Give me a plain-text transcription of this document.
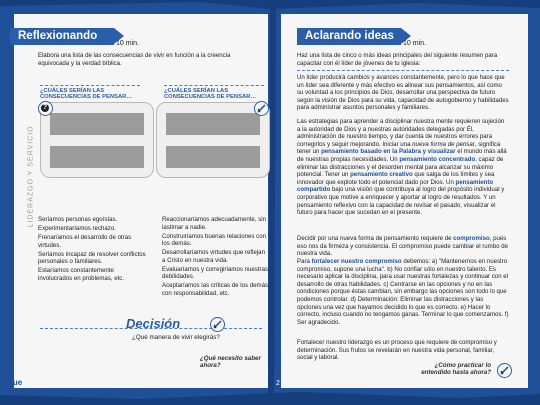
Reflexionando
10 min.

Elabora una lista de las consecuencias de vivir en función a la creencia equivocada y la verdad bíblica.

¿CUÁLES SERÍAN LAS CONSECUENCIAS DE PENSAR…
¿CUÁLES SERÍAN LAS CONSECUENCIAS DE PENSAR…
?
LIDERAZGO Y SERVICIO Seríamos personas egoístas.
Experimentaríamos rechazo.
Frenaríamos el desarrollo de otras virtudes.
Seríamos incapaz de resolver conflictos personales o familiares.
Estaríamos constantemente involucrados en problemas, etc.
Reaccionaríamos adecuadamente, sin lastimar a nadie.
Construiríamos buenas relaciones con los demás.
Desarrollaríamos virtudes que reflejan a Cristo en nuestra vida.
Evaluaríamos y corregiríamos nuestras debilidades.
Aceptaríamos las críticas de los demás con responsabilidad, etc.
Decisión
¿Qué manera de vivir elegirás?
¿Qué necesito saber ahora?
pue	1
Aclarando ideas
10 min.

Haz una lista de cinco o más ideas principales del siguiente resumen para capacitar con él líder de jóvenes de tu iglesia:

Un líder producirá cambios y avances constantemente, pero lo que hace que un líder sea diferente y más efectivo es alinear sus pensamientos, así como su voluntad a los principios de Dios, desarrollar una perspectiva de futuro según la visión de Dios para su vida, capacidad de autogobierno y habilidades para administrar asuntos personales y familiares.

Las estrategias para aprender a disciplinar nuestra mente requieren sujeción a la autoridad de Dios y a nuestras autoridades delegadas por Él, administración de nuestro tiempo, y dar cuenta de nuestros errores para corregirlos y seguir mejorando. Iniciar una nueva forma de pensar, significa tener un pensamiento basado en la Palabra y visualizar el mundo más allá de nuestras propias necesidades. Un pensamiento concentrado, capaz de eliminar las distracciones y el desorden mental para alcanzar su máximo potencial. Tener un pensamiento creativo que salga de los límites y sea innovador que explote todo el potencial dado por Dios. Un pensamiento compartido bajo una visión que contribuya al logro del propósito individual y corporativo que motive a enriquecer y aportar al logro de resultados. Y un pensamiento reflexivo con la capacidad de revisar el pasado, visualizar el futuro para hacer que sucedan en el presente.

Decidir por una nueva forma de pensamiento requiere de compromiso, pues eso nos da firmeza y consistencia. El compromiso puede cambiar el rumbo de nuestra vida.

Para fortalecer nuestro compromiso debemos: a) "Mantenernos en nuestro compromiso, supone una lucha". b) No confiar sólo en nuestro talento. Es necesario aplicar la disciplina, para usar nuestras fortalezas y continuar con el desarrollo de otras habilidades. c) Centrarse en las opciones y no en las condiciones porque éstas cambian, sin embargo las opciones son todo lo que podemos controlar. d) Determinación: Eliminar las distracciones y las opciones una vez que hayamos decidido lo que es correcto. e) Hacer lo correcto, incluso cuando no tengamos ganas. Terminar lo que comenzamos. f) Ser agradecido.

Fortalecer nuestro liderazgo es un proceso que requiere de compromiso y determinación. Sus frutos se revelarán en nuestra vida personal, familiar, social y laboral.

¿Cómo practicar lo entendido hasta ahora?
2
